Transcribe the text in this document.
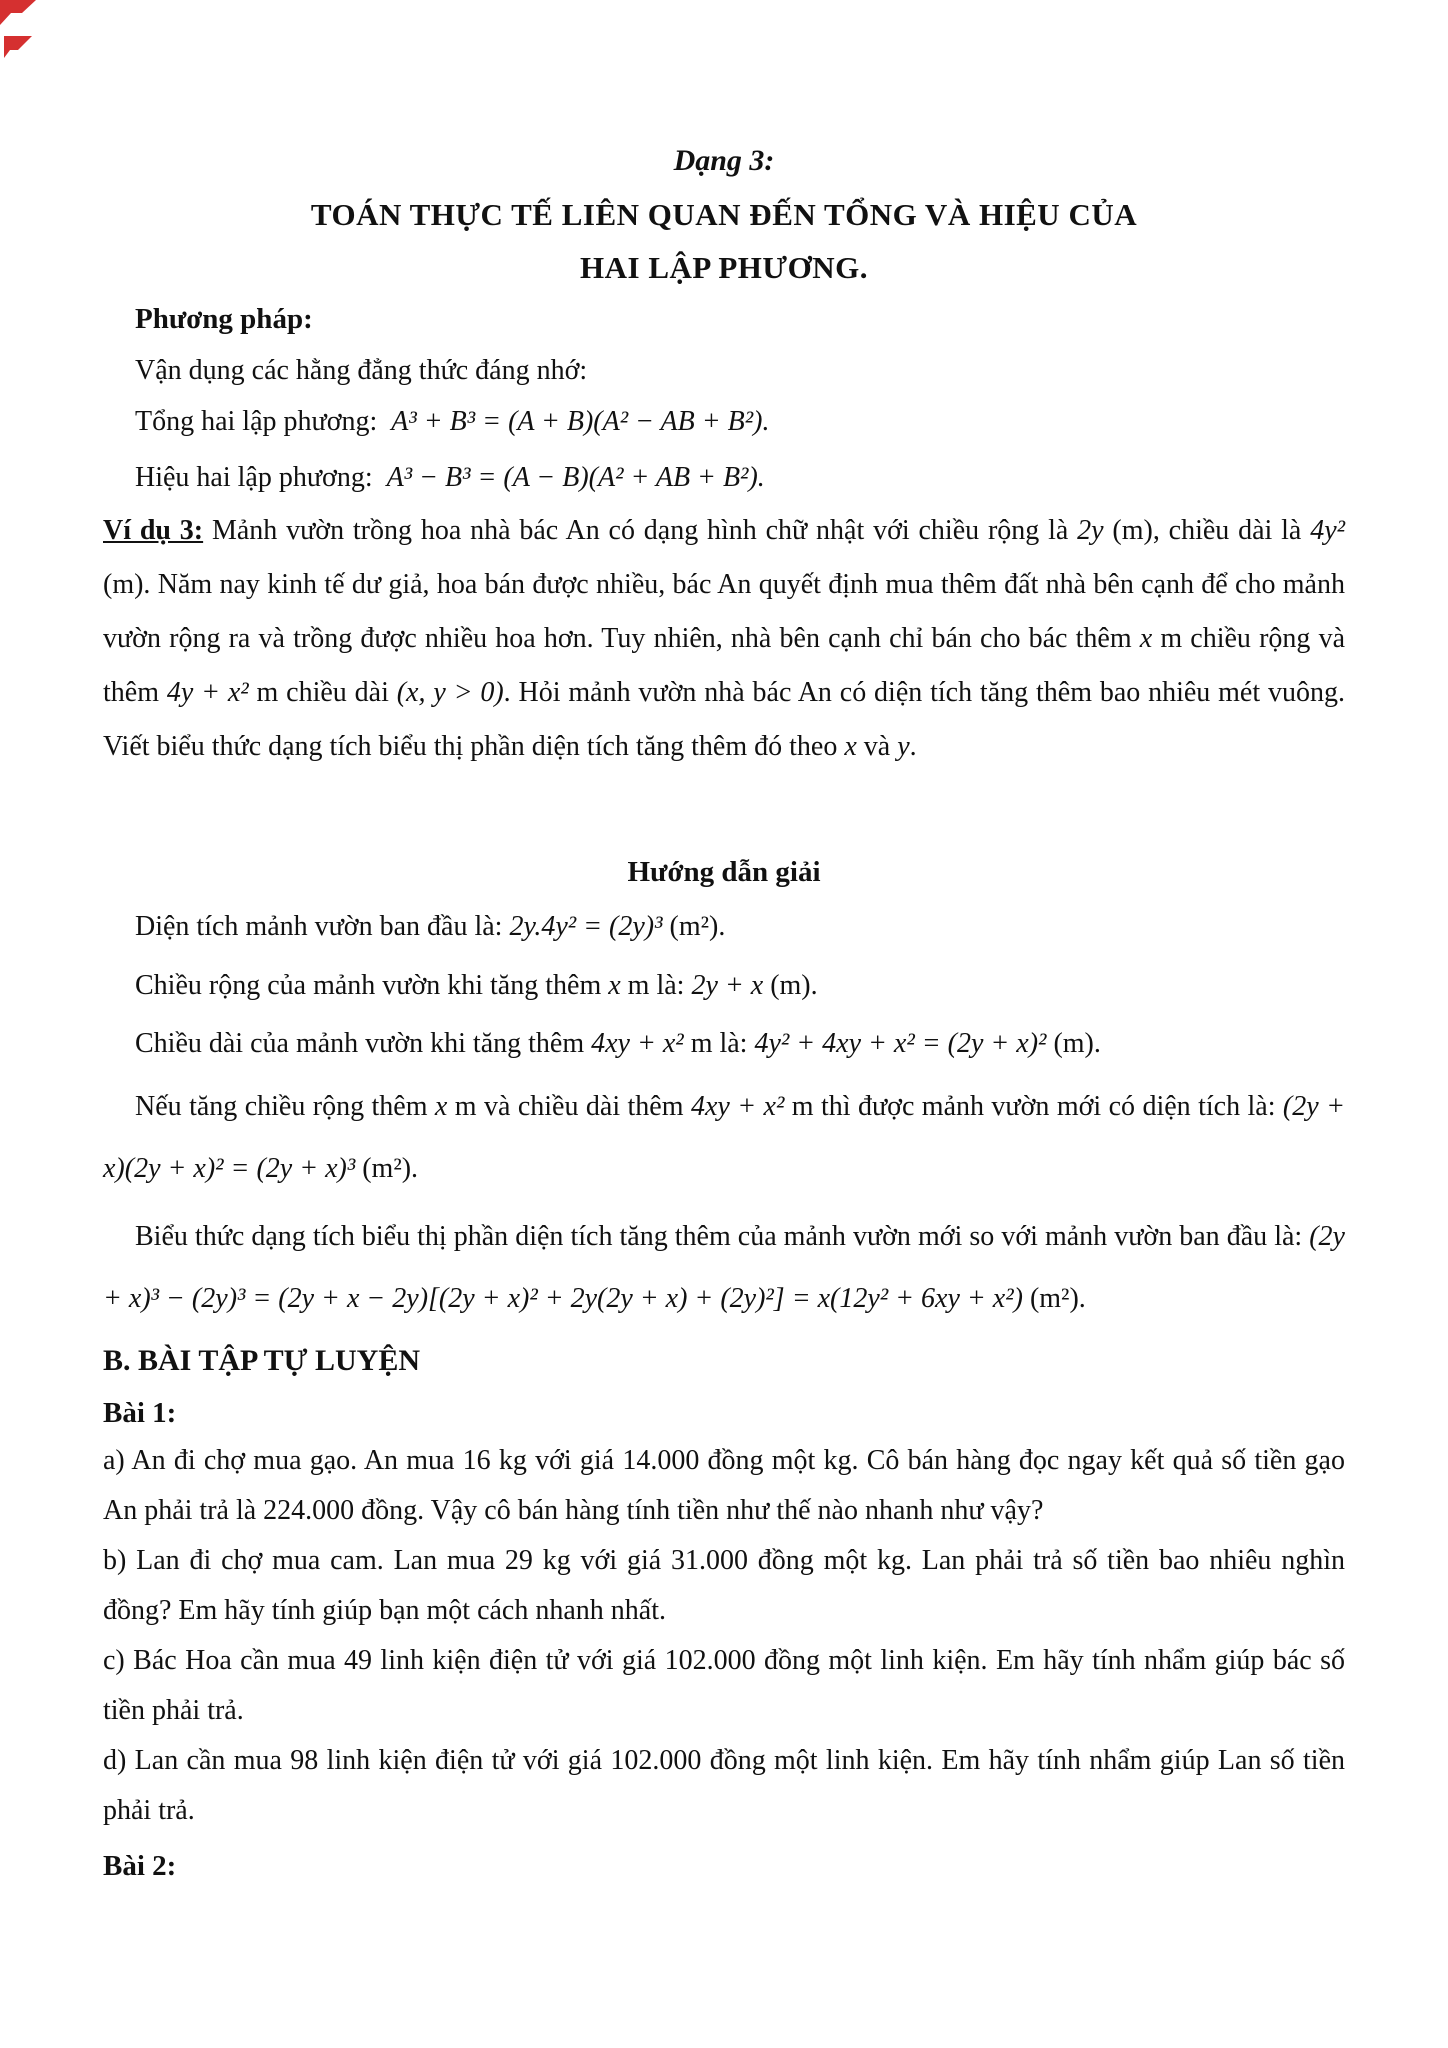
Dạng 3:
TOÁN THỰC TẾ LIÊN QUAN ĐẾN TỔNG VÀ HIỆU CỦA
HAI LẬP PHƯƠNG.
Phương pháp:
Vận dụng các hằng đẳng thức đáng nhớ:
Tổng hai lập phương:  A³ + B³ = (A + B)(A² − AB + B²).
Hiệu hai lập phương:  A³ − B³ = (A − B)(A² + AB + B²).
Ví dụ 3: Mảnh vườn trồng hoa nhà bác An có dạng hình chữ nhật với chiều rộng là 2y (m), chiều dài là 4y² (m). Năm nay kinh tế dư giả, hoa bán được nhiều, bác An quyết định mua thêm đất nhà bên cạnh để cho mảnh vườn rộng ra và trồng được nhiều hoa hơn. Tuy nhiên, nhà bên cạnh chỉ bán cho bác thêm x m chiều rộng và thêm 4y + x² m chiều dài (x, y > 0). Hỏi mảnh vườn nhà bác An có diện tích tăng thêm bao nhiêu mét vuông. Viết biểu thức dạng tích biểu thị phần diện tích tăng thêm đó theo x và y.
Hướng dẫn giải
Diện tích mảnh vườn ban đầu là: 2y.4y² = (2y)³ (m²).
Chiều rộng của mảnh vườn khi tăng thêm x m là: 2y + x (m).
Chiều dài của mảnh vườn khi tăng thêm 4xy + x² m là: 4y² + 4xy + x² = (2y + x)² (m).
Nếu tăng chiều rộng thêm x m và chiều dài thêm 4xy + x² m thì được mảnh vườn mới có diện tích là: (2y + x)(2y + x)² = (2y + x)³ (m²).
Biểu thức dạng tích biểu thị phần diện tích tăng thêm của mảnh vườn mới so với mảnh vườn ban đầu là: (2y + x)³ − (2y)³ = (2y + x − 2y)[(2y + x)² + 2y(2y + x) + (2y)²] = x(12y² + 6xy + x²) (m²).
B. BÀI TẬP TỰ LUYỆN
Bài 1:
a) An đi chợ mua gạo. An mua 16 kg với giá 14.000 đồng một kg. Cô bán hàng đọc ngay kết quả số tiền gạo An phải trả là 224.000 đồng. Vậy cô bán hàng tính tiền như thế nào nhanh như vậy?
b) Lan đi chợ mua cam. Lan mua 29 kg với giá 31.000 đồng một kg. Lan phải trả số tiền bao nhiêu nghìn đồng? Em hãy tính giúp bạn một cách nhanh nhất.
c) Bác Hoa cần mua 49 linh kiện điện tử với giá 102.000 đồng một linh kiện. Em hãy tính nhẩm giúp bác số tiền phải trả.
d) Lan cần mua 98 linh kiện điện tử với giá 102.000 đồng một linh kiện. Em hãy tính nhẩm giúp Lan số tiền phải trả.
Bài 2:
